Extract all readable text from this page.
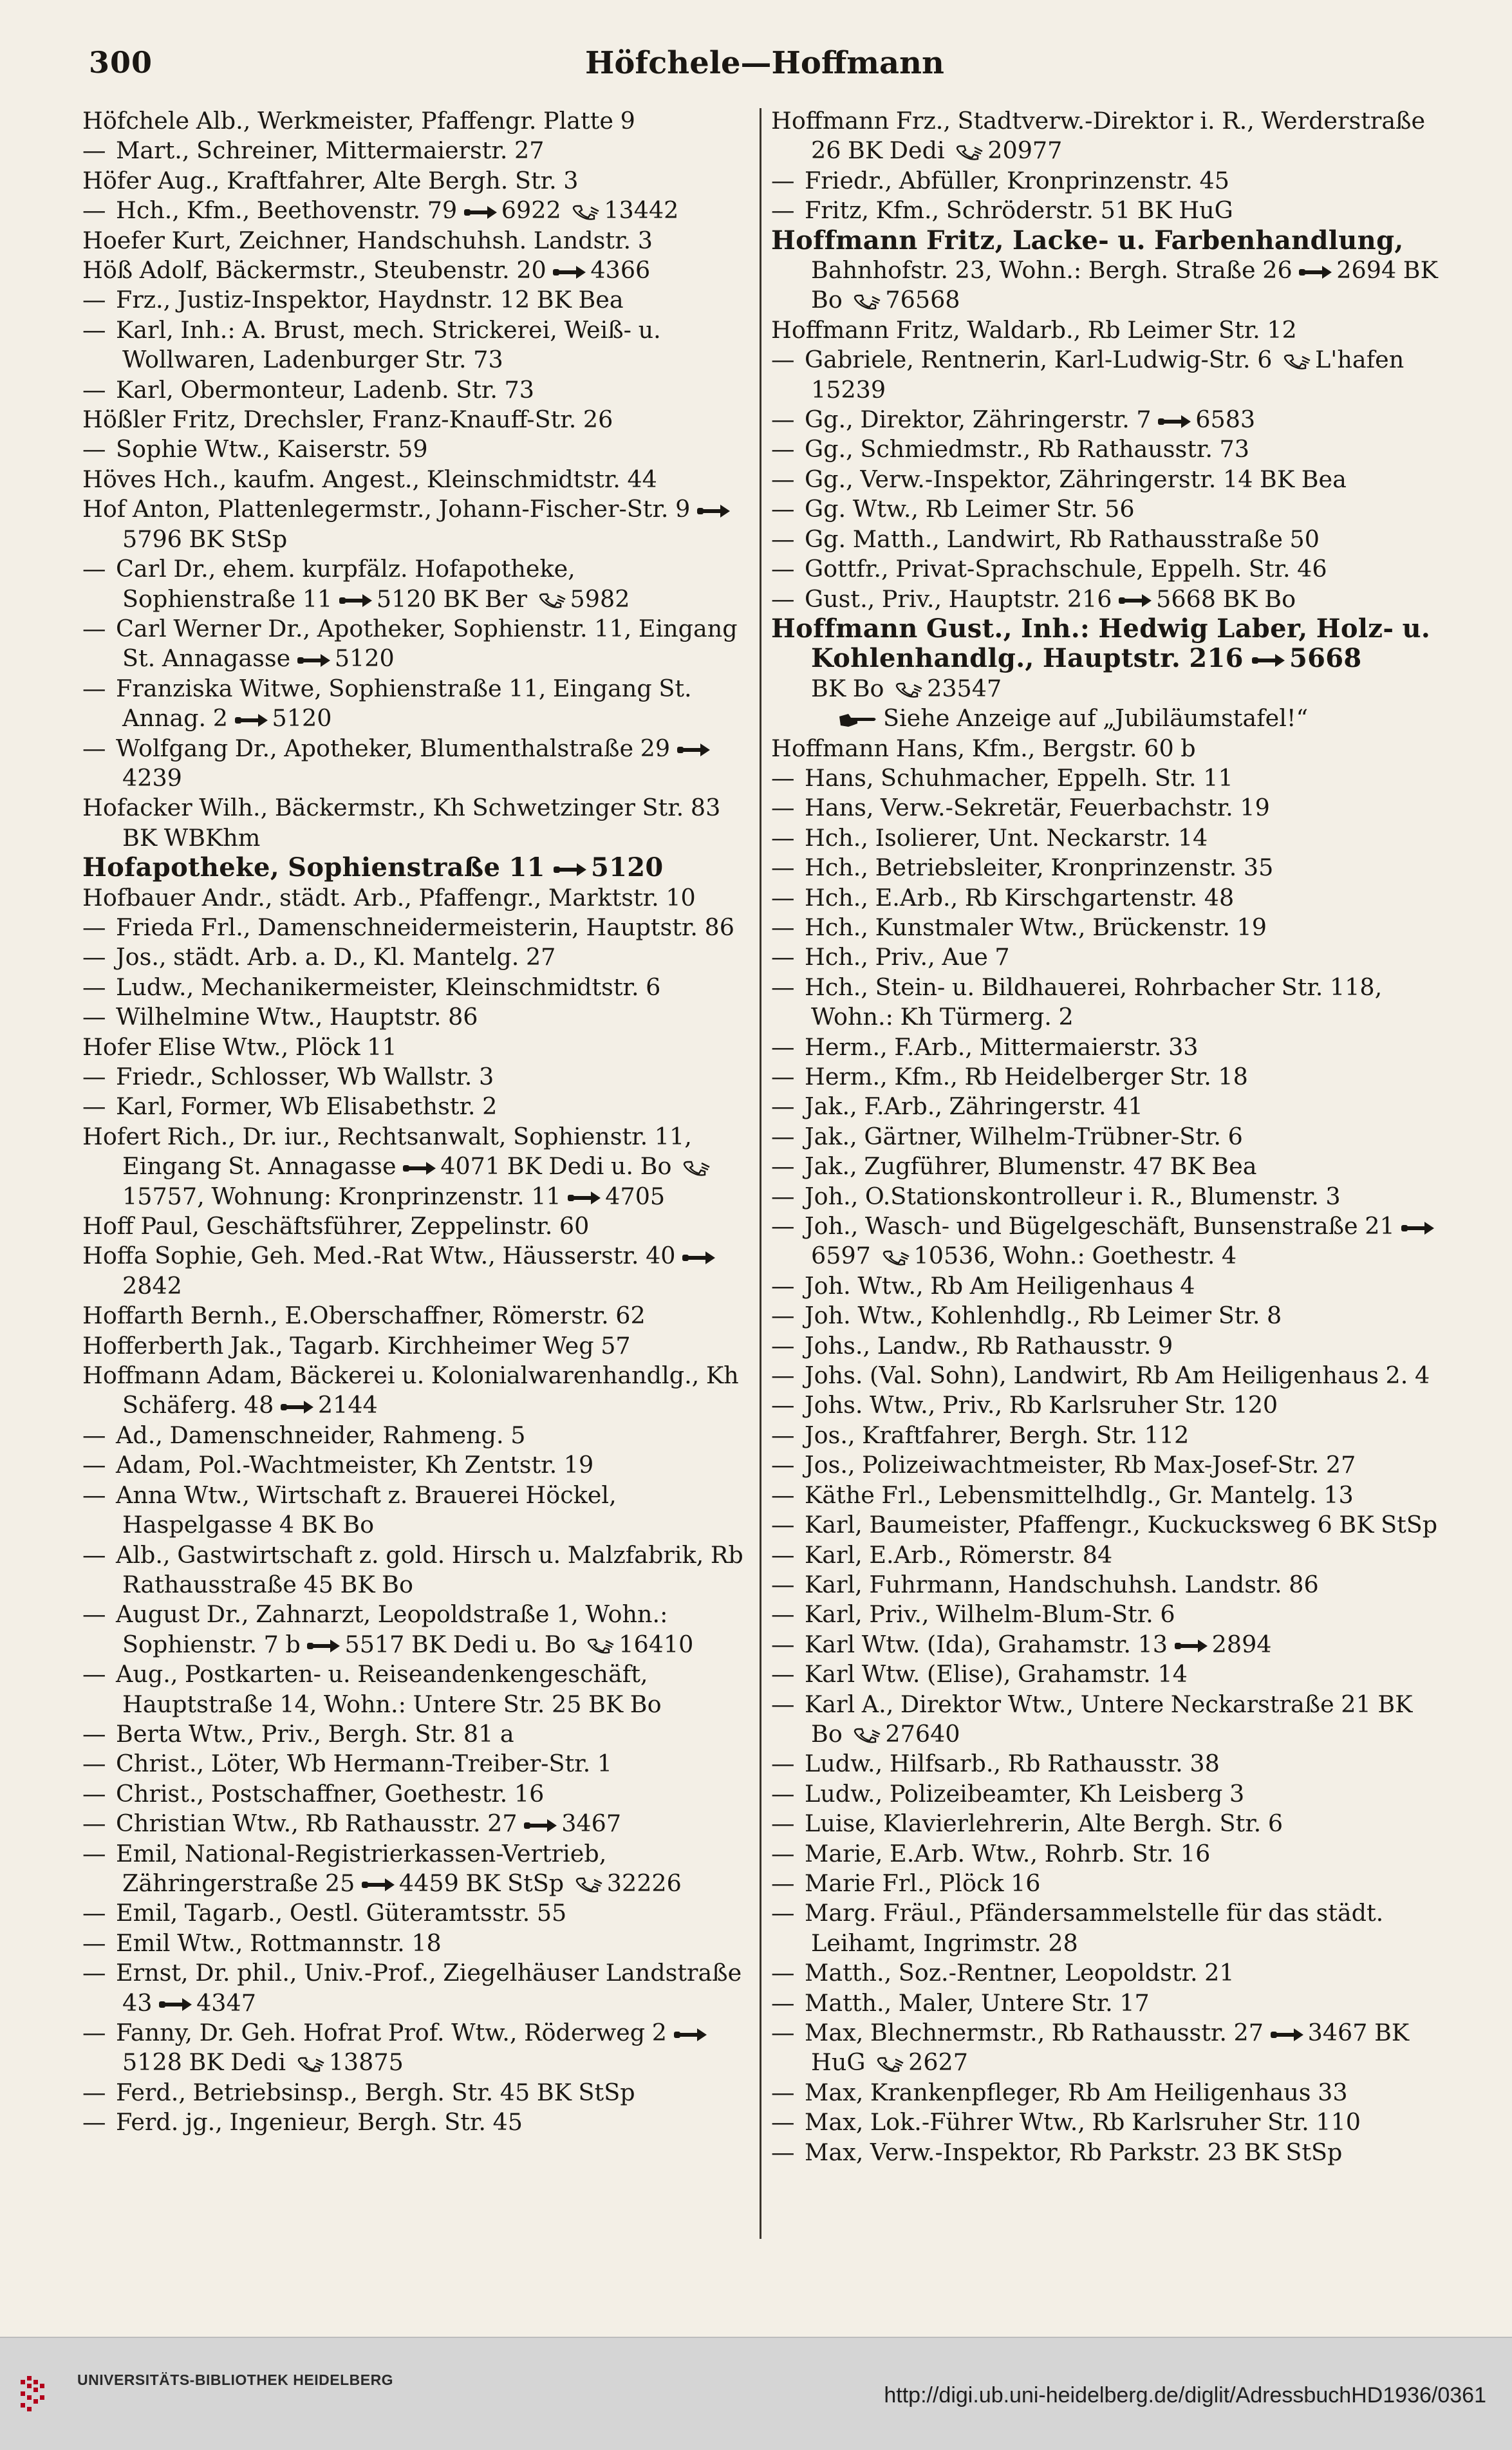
300	Höfchele—Hoffmann
Höfchele Alb., Werkmeister, Pfaffengr. Platte 9
— Mart., Schreiner, Mittermaierstr. 27
Höfer Aug., Kraftfahrer, Alte Bergh. Str. 3
— Hch., Kfm., Beethovenstr. 79 6922 13442
Hoefer Kurt, Zeichner, Handschuhsh. Landstr. 3
Höß Adolf, Bäckermstr., Steubenstr. 20 4366
— Frz., Justiz-Inspektor, Haydnstr. 12 BK Bea
— Karl, Inh.: A. Brust, mech. Strickerei, Weiß- u. Wollwaren, Ladenburger Str. 73
— Karl, Obermonteur, Ladenb. Str. 73
Hößler Fritz, Drechsler, Franz-Knauff-Str. 26
— Sophie Wtw., Kaiserstr. 59
Höves Hch., kaufm. Angest., Kleinschmidtstr. 44
Hof Anton, Plattenlegermstr., Johann-Fischer-Str. 9 5796 BK StSp
— Carl Dr., ehem. kurpfälz. Hofapotheke, Sophienstraße 11 5120 BK Ber 5982
— Carl Werner Dr., Apotheker, Sophienstr. 11, Eingang St. Annagasse 5120
— Franziska Witwe, Sophienstraße 11, Eingang St. Annag. 2 5120
— Wolfgang Dr., Apotheker, Blumenthalstraße 29 4239
Hofacker Wilh., Bäckermstr., Kh Schwetzinger Str. 83 BK WBKhm
Hofapotheke, Sophienstraße 11 5120
Hofbauer Andr., städt. Arb., Pfaffengr., Marktstr. 10
— Frieda Frl., Damenschneidermeisterin, Hauptstr. 86
— Jos., städt. Arb. a. D., Kl. Mantelg. 27
— Ludw., Mechanikermeister, Kleinschmidtstr. 6
— Wilhelmine Wtw., Hauptstr. 86
Hofer Elise Wtw., Plöck 11
— Friedr., Schlosser, Wb Wallstr. 3
— Karl, Former, Wb Elisabethstr. 2
Hofert Rich., Dr. iur., Rechtsanwalt, Sophienstr. 11, Eingang St. Annagasse 4071 BK Dedi u. Bo 15757, Wohnung: Kronprinzenstr. 11 4705
Hoff Paul, Geschäftsführer, Zeppelinstr. 60
Hoffa Sophie, Geh. Med.-Rat Wtw., Häusserstr. 40 2842
Hoffarth Bernh., E.Oberschaffner, Römerstr. 62
Hofferberth Jak., Tagarb. Kirchheimer Weg 57
Hoffmann Adam, Bäckerei u. Kolonialwarenhandlg., Kh Schäferg. 48 2144
— Ad., Damenschneider, Rahmeng. 5
— Adam, Pol.-Wachtmeister, Kh Zentstr. 19
— Anna Wtw., Wirtschaft z. Brauerei Höckel, Haspelgasse 4 BK Bo
— Alb., Gastwirtschaft z. gold. Hirsch u. Malzfabrik, Rb Rathausstraße 45 BK Bo
— August Dr., Zahnarzt, Leopoldstraße 1, Wohn.: Sophienstr. 7 b 5517 BK Dedi u. Bo 16410
— Aug., Postkarten- u. Reiseandenkengeschäft, Hauptstraße 14, Wohn.: Untere Str. 25 BK Bo
— Berta Wtw., Priv., Bergh. Str. 81 a
— Christ., Löter, Wb Hermann-Treiber-Str. 1
— Christ., Postschaffner, Goethestr. 16
— Christian Wtw., Rb Rathausstr. 27 3467
— Emil, National-Registrierkassen-Vertrieb, Zähringerstraße 25 4459 BK StSp 32226
— Emil, Tagarb., Oestl. Güteramtsstr. 55
— Emil Wtw., Rottmannstr. 18
— Ernst, Dr. phil., Univ.-Prof., Ziegelhäuser Landstraße 43 4347
— Fanny, Dr. Geh. Hofrat Prof. Wtw., Röderweg 2 5128 BK Dedi 13875
— Ferd., Betriebsinsp., Bergh. Str. 45 BK StSp
— Ferd. jg., Ingenieur, Bergh. Str. 45
Hoffmann Frz., Stadtverw.-Direktor i. R., Werderstraße 26 BK Dedi 20977
— Friedr., Abfüller, Kronprinzenstr. 45
— Fritz, Kfm., Schröderstr. 51 BK HuG
Hoffmann Fritz, Lacke- u. Farbenhandlung,
Bahnhofstr. 23, Wohn.: Bergh. Straße 26 2694 BK Bo 76568
Hoffmann Fritz, Waldarb., Rb Leimer Str. 12
— Gabriele, Rentnerin, Karl-Ludwig-Str. 6 L'hafen 15239
— Gg., Direktor, Zähringerstr. 7 6583
— Gg., Schmiedmstr., Rb Rathausstr. 73
— Gg., Verw.-Inspektor, Zähringerstr. 14 BK Bea
— Gg. Wtw., Rb Leimer Str. 56
— Gg. Matth., Landwirt, Rb Rathausstraße 50
— Gottfr., Privat-Sprachschule, Eppelh. Str. 46
— Gust., Priv., Hauptstr. 216 5668 BK Bo
Hoffmann Gust., Inh.: Hedwig Laber, Holz- u. Kohlenhandlg., Hauptstr. 216 5668
BK Bo 23547
Siehe Anzeige auf „Jubiläumstafel!“
Hoffmann Hans, Kfm., Bergstr. 60 b
— Hans, Schuhmacher, Eppelh. Str. 11
— Hans, Verw.-Sekretär, Feuerbachstr. 19
— Hch., Isolierer, Unt. Neckarstr. 14
— Hch., Betriebsleiter, Kronprinzenstr. 35
— Hch., E.Arb., Rb Kirschgartenstr. 48
— Hch., Kunstmaler Wtw., Brückenstr. 19
— Hch., Priv., Aue 7
— Hch., Stein- u. Bildhauerei, Rohrbacher Str. 118, Wohn.: Kh Türmerg. 2
— Herm., F.Arb., Mittermaierstr. 33
— Herm., Kfm., Rb Heidelberger Str. 18
— Jak., F.Arb., Zähringerstr. 41
— Jak., Gärtner, Wilhelm-Trübner-Str. 6
— Jak., Zugführer, Blumenstr. 47 BK Bea
— Joh., O.Stationskontrolleur i. R., Blumenstr. 3
— Joh., Wasch- und Bügelgeschäft, Bunsenstraße 21 6597 10536, Wohn.: Goethestr. 4
— Joh. Wtw., Rb Am Heiligenhaus 4
— Joh. Wtw., Kohlenhdlg., Rb Leimer Str. 8
— Johs., Landw., Rb Rathausstr. 9
— Johs. (Val. Sohn), Landwirt, Rb Am Heiligenhaus 2. 4
— Johs. Wtw., Priv., Rb Karlsruher Str. 120
— Jos., Kraftfahrer, Bergh. Str. 112
— Jos., Polizeiwachtmeister, Rb Max-Josef-Str. 27
— Käthe Frl., Lebensmittelhdlg., Gr. Mantelg. 13
— Karl, Baumeister, Pfaffengr., Kuckucksweg 6 BK StSp
— Karl, E.Arb., Römerstr. 84
— Karl, Fuhrmann, Handschuhsh. Landstr. 86
— Karl, Priv., Wilhelm-Blum-Str. 6
— Karl Wtw. (Ida), Grahamstr. 13 2894
— Karl Wtw. (Elise), Grahamstr. 14
— Karl A., Direktor Wtw., Untere Neckarstraße 21 BK Bo 27640
— Ludw., Hilfsarb., Rb Rathausstr. 38
— Ludw., Polizeibeamter, Kh Leisberg 3
— Luise, Klavierlehrerin, Alte Bergh. Str. 6
— Marie, E.Arb. Wtw., Rohrb. Str. 16
— Marie Frl., Plöck 16
— Marg. Fräul., Pfändersammelstelle für das städt. Leihamt, Ingrimstr. 28
— Matth., Soz.-Rentner, Leopoldstr. 21
— Matth., Maler, Untere Str. 17
— Max, Blechnermstr., Rb Rathausstr. 27 3467 BK HuG 2627
— Max, Krankenpfleger, Rb Am Heiligenhaus 33
— Max, Lok.-Führer Wtw., Rb Karlsruher Str. 110
— Max, Verw.-Inspektor, Rb Parkstr. 23 BK StSp
UNIVERSITÄTS-BIBLIOTHEK HEIDELBERG
http://digi.ub.uni-heidelberg.de/diglit/AdressbuchHD1936/0361
